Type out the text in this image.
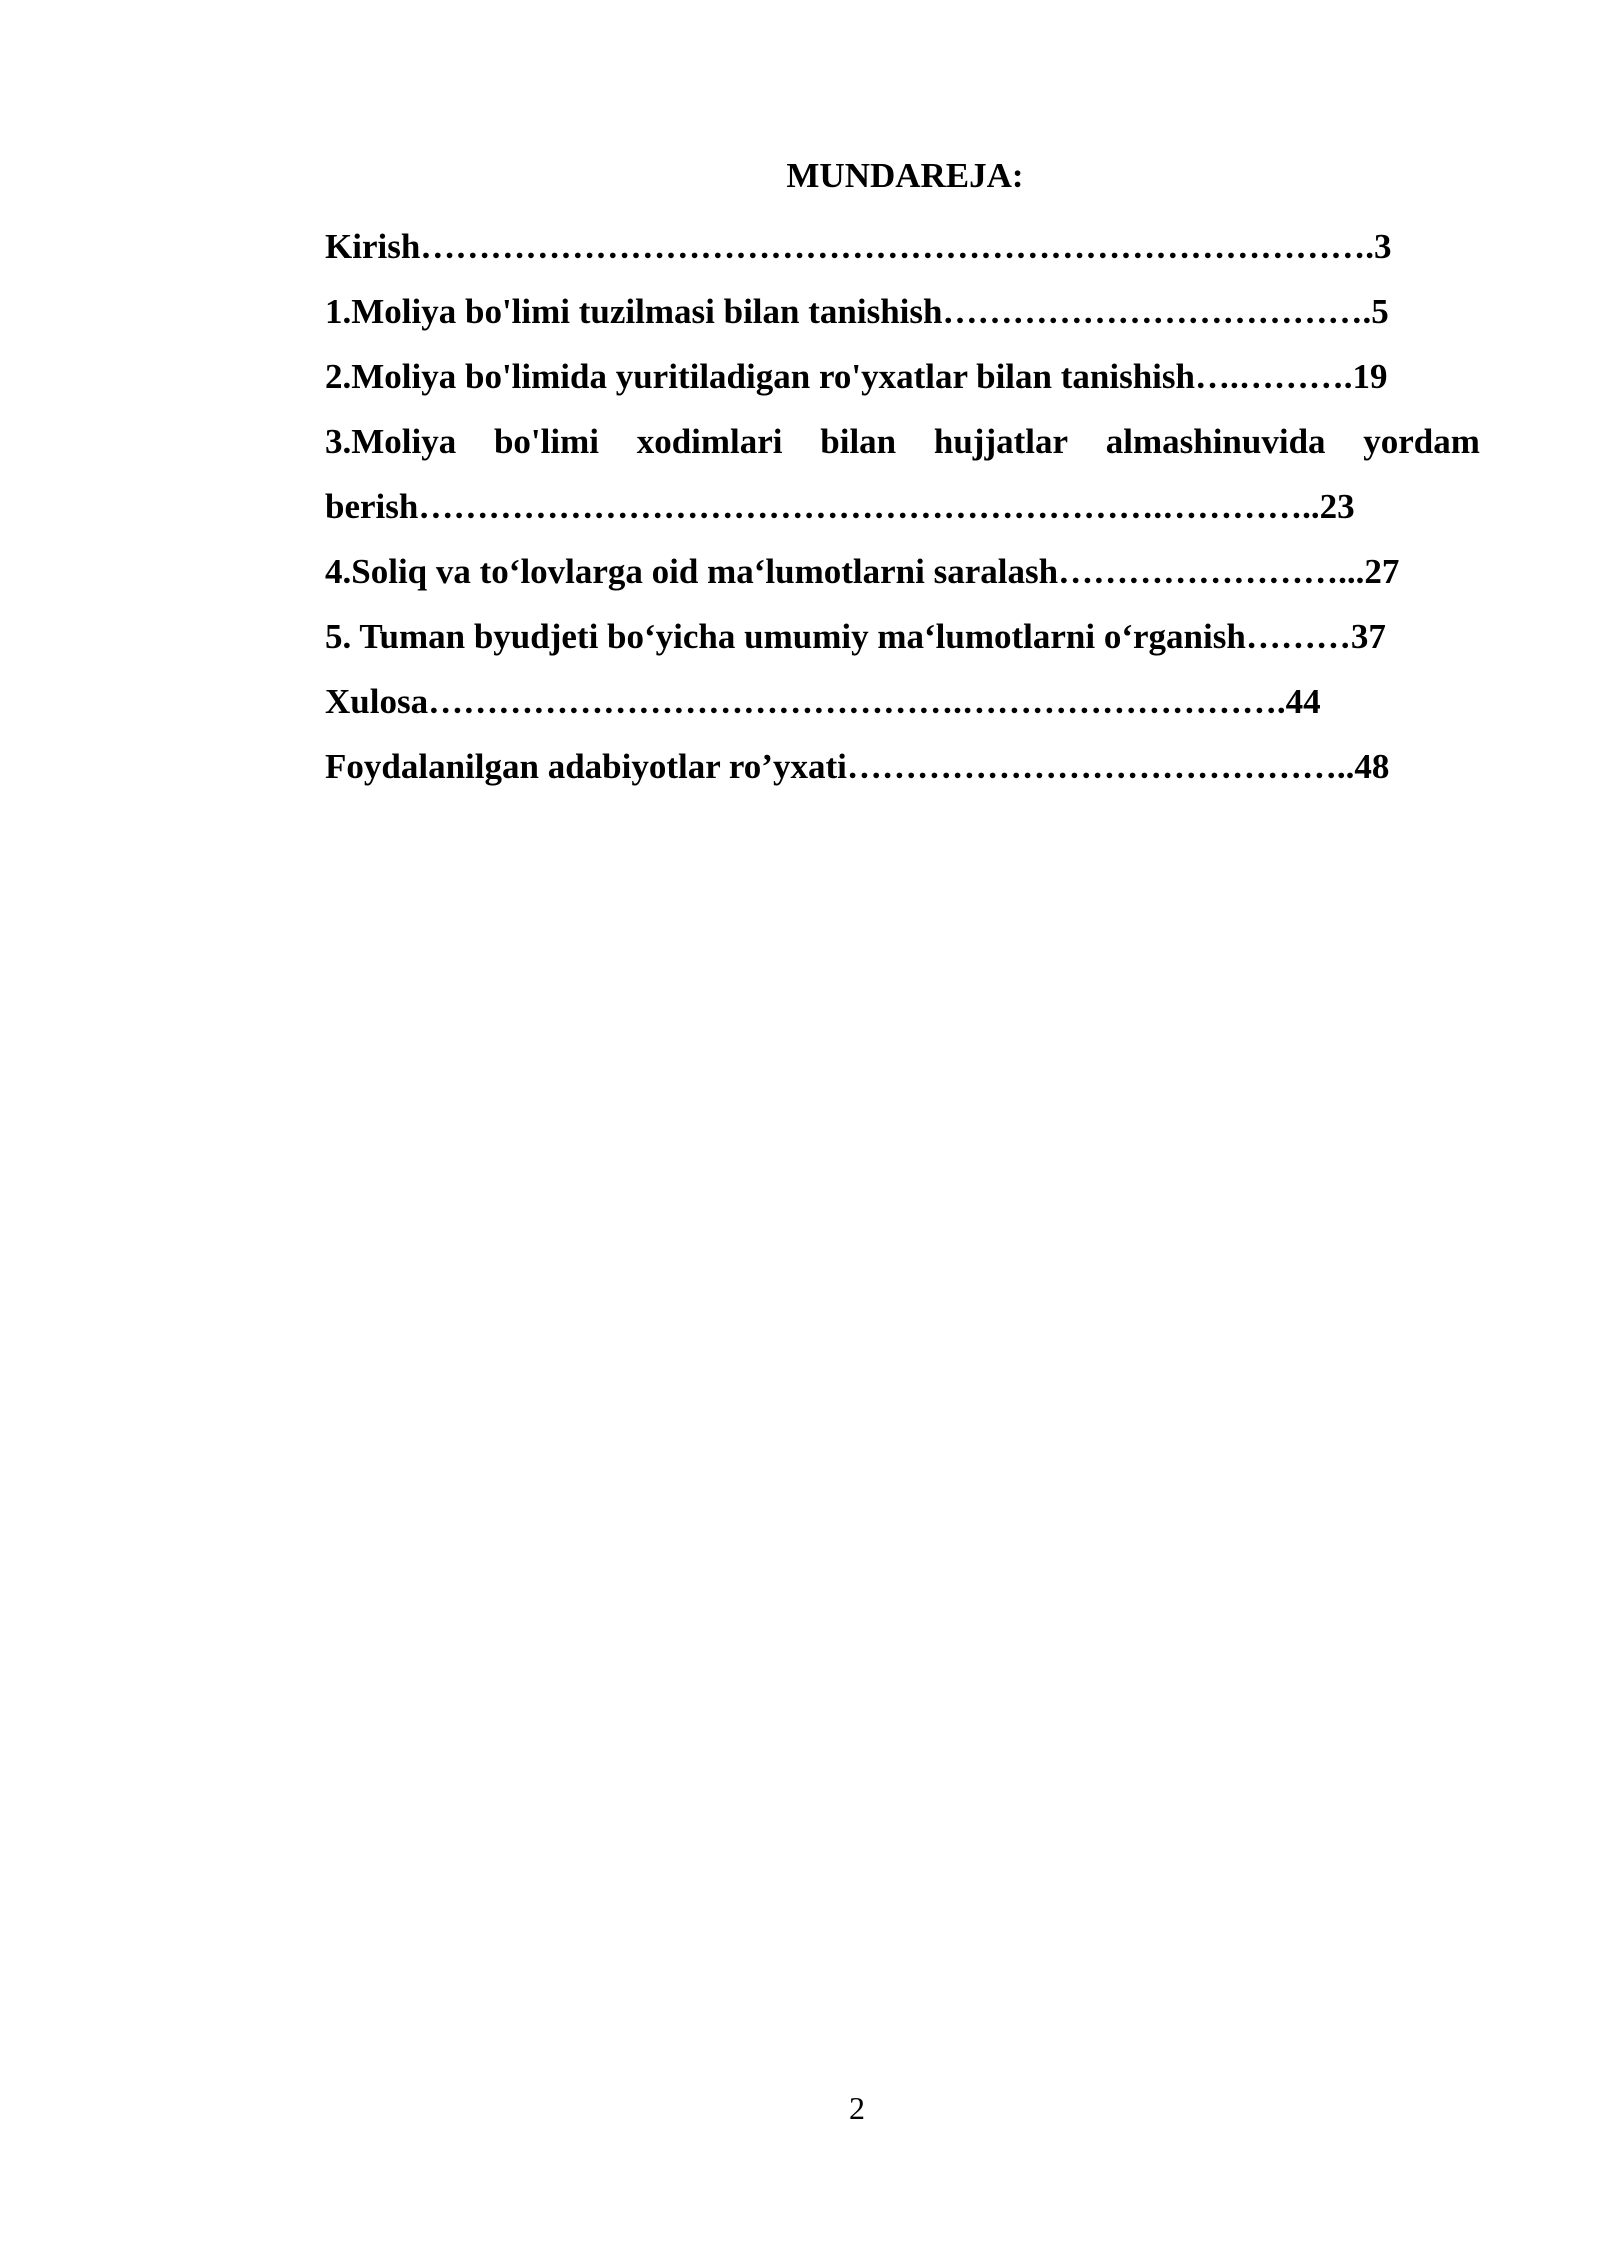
MUNDAREJA:
Kirish……………………………………………………………………….3
1.Moliya bo'limi tuzilmasi bilan tanishish……………………………….5
2.Moliya bo'limida yuritiladigan ro'yxatlar bilan tanishish….……….19
3.Moliya bo'limi xodimlari bilan hujjatlar almashinuvida yordam
berish……………………………………………………….…………..23
4.Soliq va to‘lovlarga oid ma‘lumotlarni saralash……………………...27
5. Tuman byudjeti bo‘yicha umumiy ma‘lumotlarni o‘rganish………37
Xulosa……………………………………….……………………….44
Foydalanilgan adabiyotlar ro’yxati……………………………………..48
2
